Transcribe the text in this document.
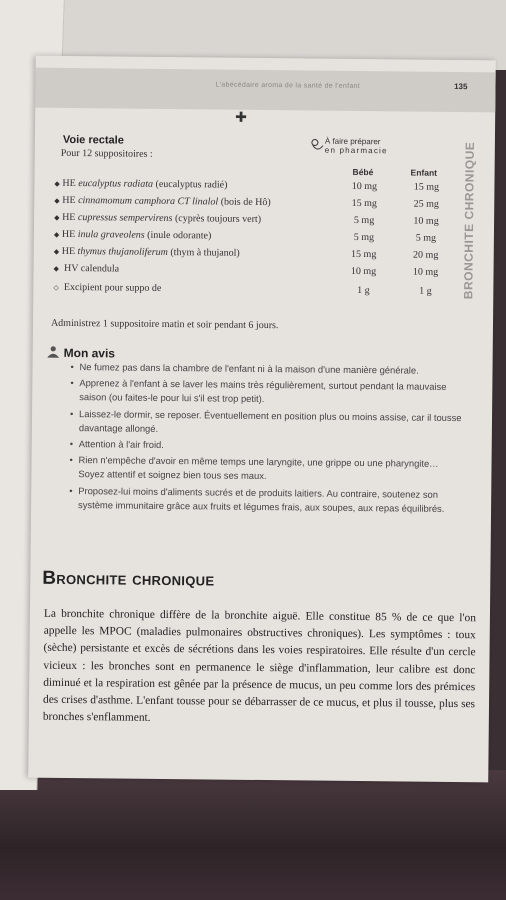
L'abécédaire aroma de la santé de l'enfant	135
✚
BRONCHITE CHRONIQUE
Voie rectale
Pour 12 suppositoires :
À faire préparer
en pharmacie
Bébé	Enfant
◆ HE eucalyptus radiata (eucalyptus radié)	10 mg	15 mg
◆ HE cinnamomum camphora CT linalol (bois de Hô)	15 mg	25 mg
◆ HE cupressus sempervirens (cyprès toujours vert)	5 mg	10 mg
◆ HE inula graveolens (inule odorante)	5 mg	5 mg
◆ HE thymus thujanoliferum (thym à thujanol)	15 mg	20 mg
◆ HV calendula	10 mg	10 mg
◇ Excipient pour suppo de	1 g	1 g
Administrez 1 suppositoire matin et soir pendant 6 jours.
Mon avis
• Ne fumez pas dans la chambre de l'enfant ni à la maison d'une manière générale.
• Apprenez à l'enfant à se laver les mains très régulièrement, surtout pendant la mauvaise saison (ou faites-le pour lui s'il est trop petit).
• Laissez-le dormir, se reposer. Éventuellement en position plus ou moins assise, car il tousse davantage allongé.
• Attention à l'air froid.
• Rien n'empêche d'avoir en même temps une laryngite, une grippe ou une pharyngite… Soyez attentif et soignez bien tous ses maux.
• Proposez-lui moins d'aliments sucrés et de produits laitiers. Au contraire, soutenez son système immunitaire grâce aux fruits et légumes frais, aux soupes, aux repas équilibrés.
Bronchite chronique

La bronchite chronique diffère de la bronchite aiguë. Elle constitue 85 % de ce que l'on appelle les MPOC (maladies pulmonaires obstructives chroniques). Les symptômes : toux (sèche) persistante et excès de sécrétions dans les voies respiratoires. Elle résulte d'un cercle vicieux : les bronches sont en permanence le siège d'inflammation, leur calibre est donc diminué et la respiration est gênée par la présence de mucus, un peu comme lors des prémices des crises d'asthme. L'enfant tousse pour se débarrasser de ce mucus, et plus il tousse, plus ses bronches s'enflamment.
